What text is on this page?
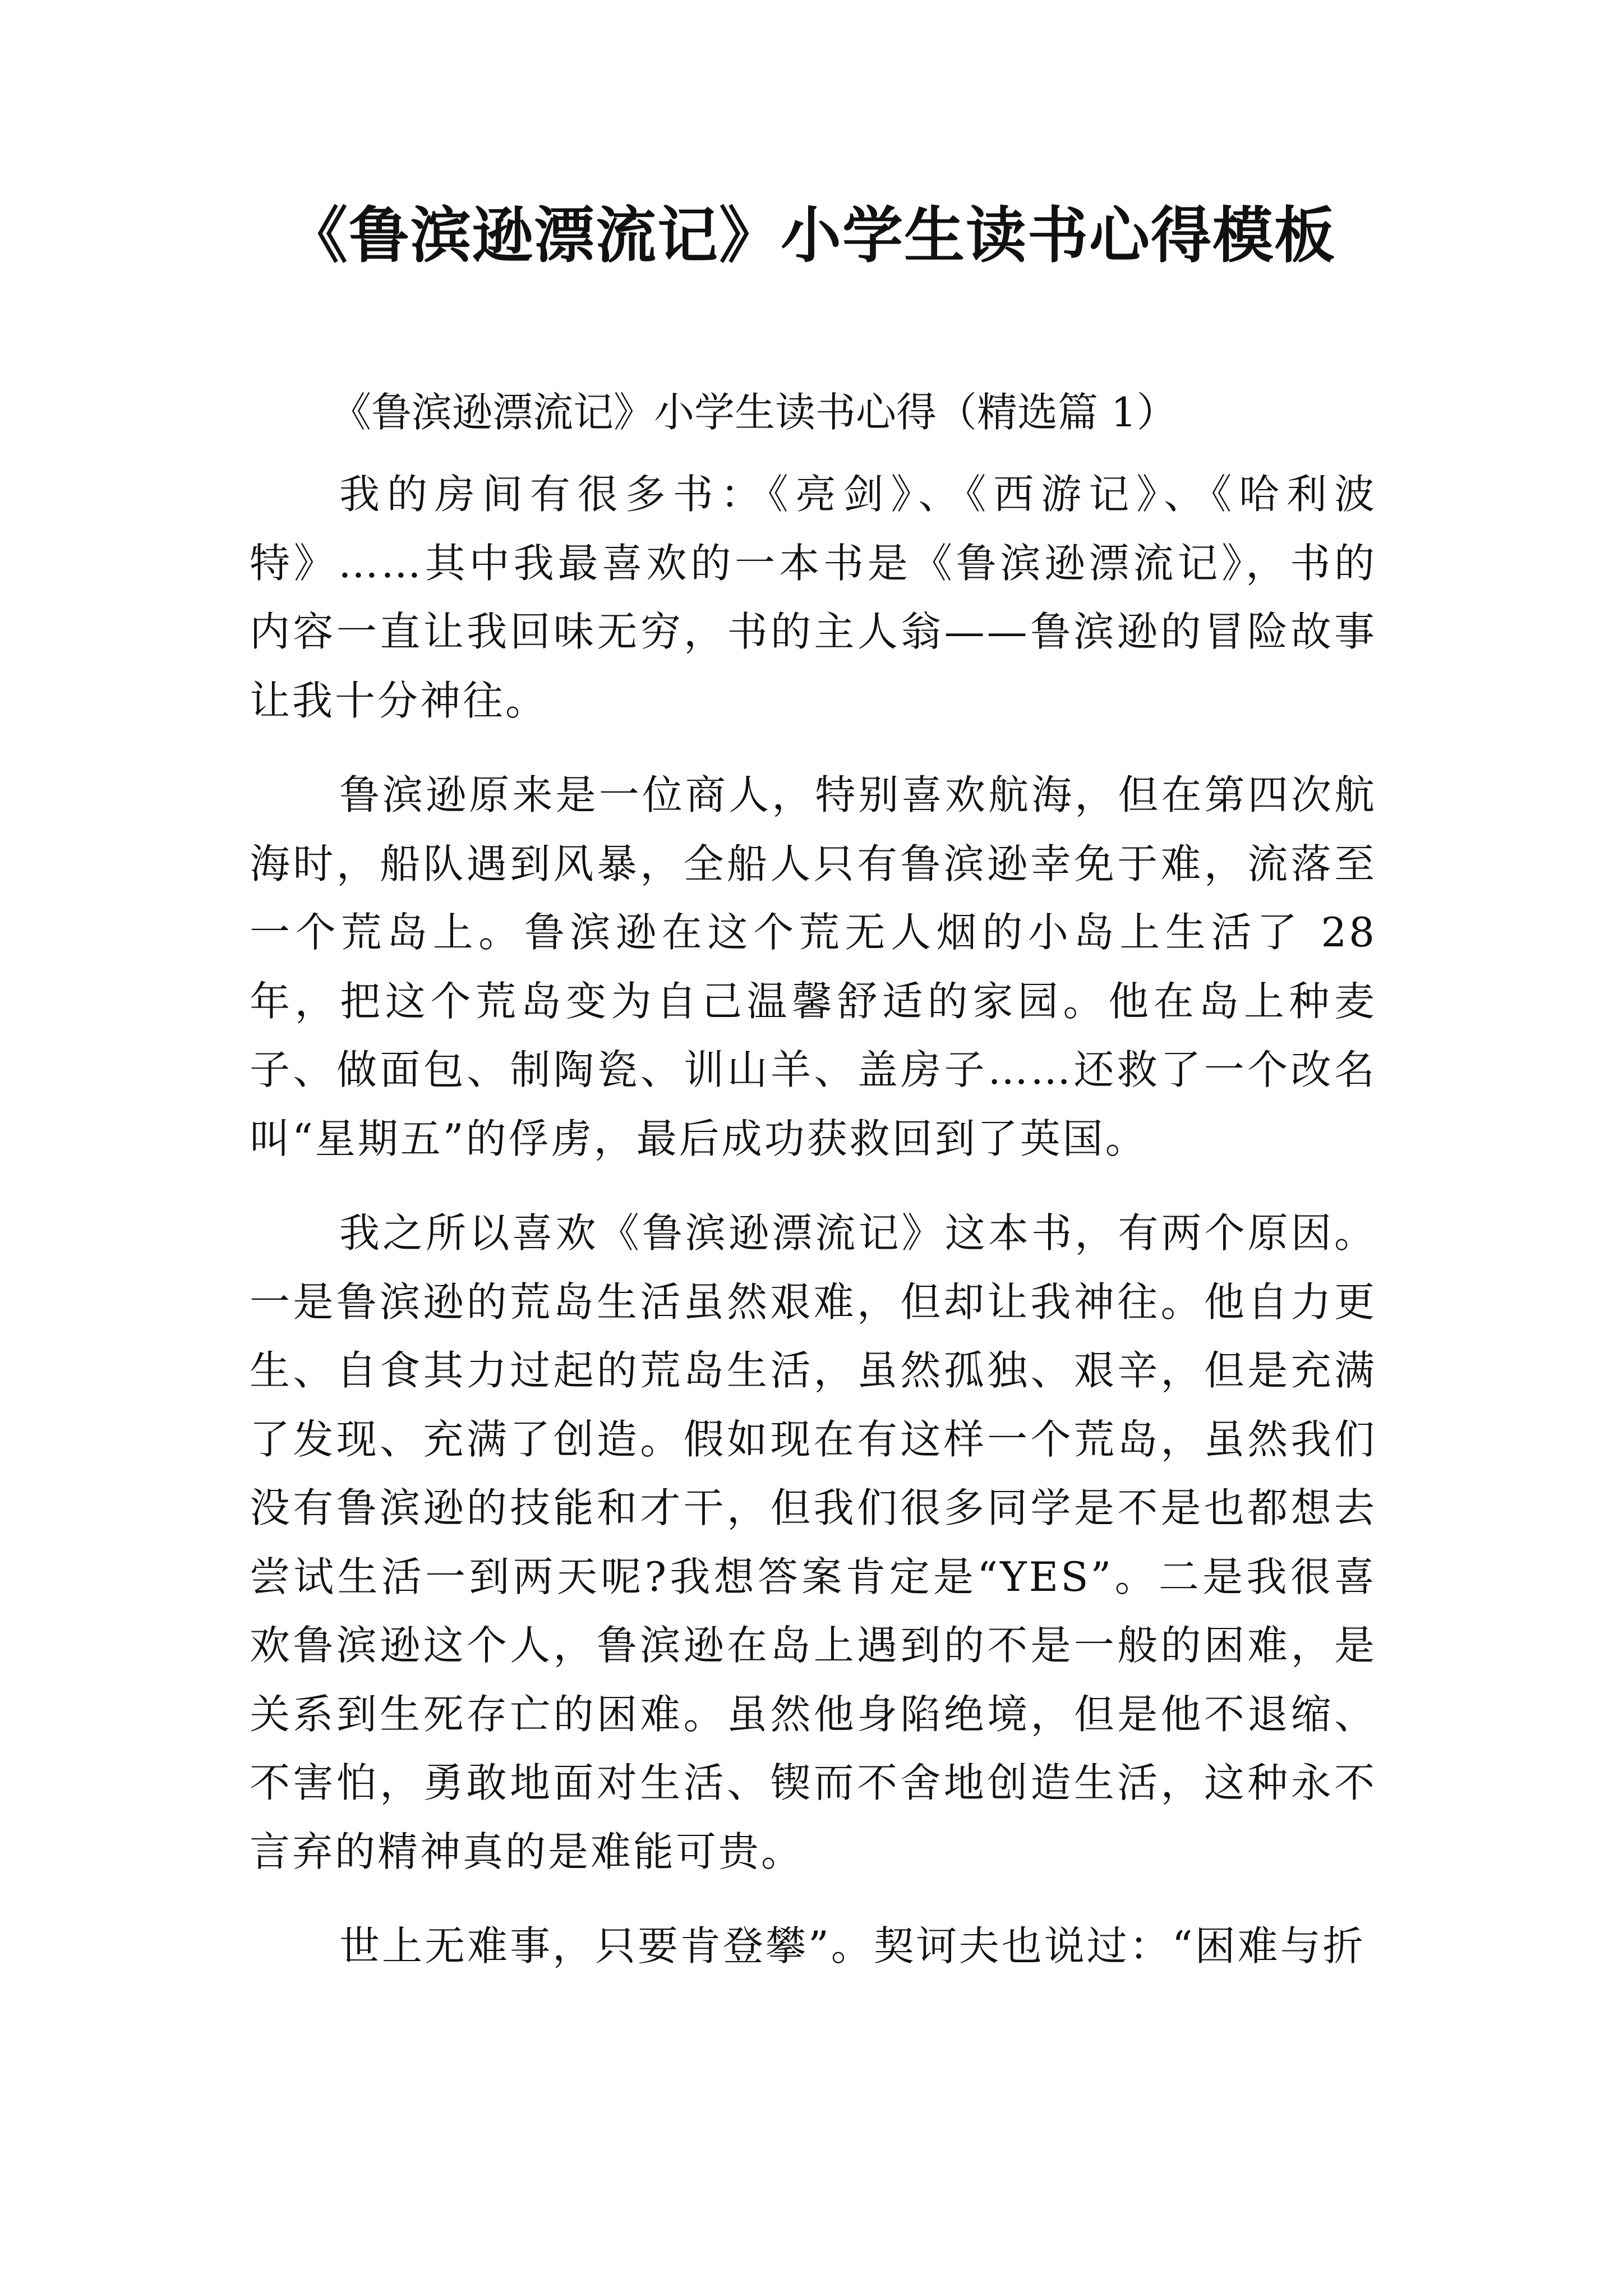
《鲁滨逊漂流记》小学生读书心得模板

《鲁滨逊漂流记》小学生读书心得（精选篇 1）

我的房间有很多书：《亮剑》、《西游记》、《哈利波特》……其中我最喜欢的一本书是《鲁滨逊漂流记》，书的内容一直让我回味无穷，书的主人翁——鲁滨逊的冒险故事让我十分神往。

鲁滨逊原来是一位商人，特别喜欢航海，但在第四次航海时，船队遇到风暴，全船人只有鲁滨逊幸免于难，流落至一个荒岛上。鲁滨逊在这个荒无人烟的小岛上生活了 28 年，把这个荒岛变为自己温馨舒适的家园。他在岛上种麦子、做面包、制陶瓷、训山羊、盖房子……还救了一个改名叫“星期五”的俘虏，最后成功获救回到了英国。

我之所以喜欢《鲁滨逊漂流记》这本书，有两个原因。一是鲁滨逊的荒岛生活虽然艰难，但却让我神往。他自力更生、自食其力过起的荒岛生活，虽然孤独、艰辛，但是充满了发现、充满了创造。假如现在有这样一个荒岛，虽然我们没有鲁滨逊的技能和才干，但我们很多同学是不是也都想去尝试生活一到两天呢?我想答案肯定是“YES”。二是我很喜欢鲁滨逊这个人，鲁滨逊在岛上遇到的不是一般的困难，是关系到生死存亡的困难。虽然他身陷绝境，但是他不退缩、不害怕，勇敢地面对生活、锲而不舍地创造生活，这种永不言弃的精神真的是难能可贵。

世上无难事，只要肯登攀”。契诃夫也说过：“困难与折
